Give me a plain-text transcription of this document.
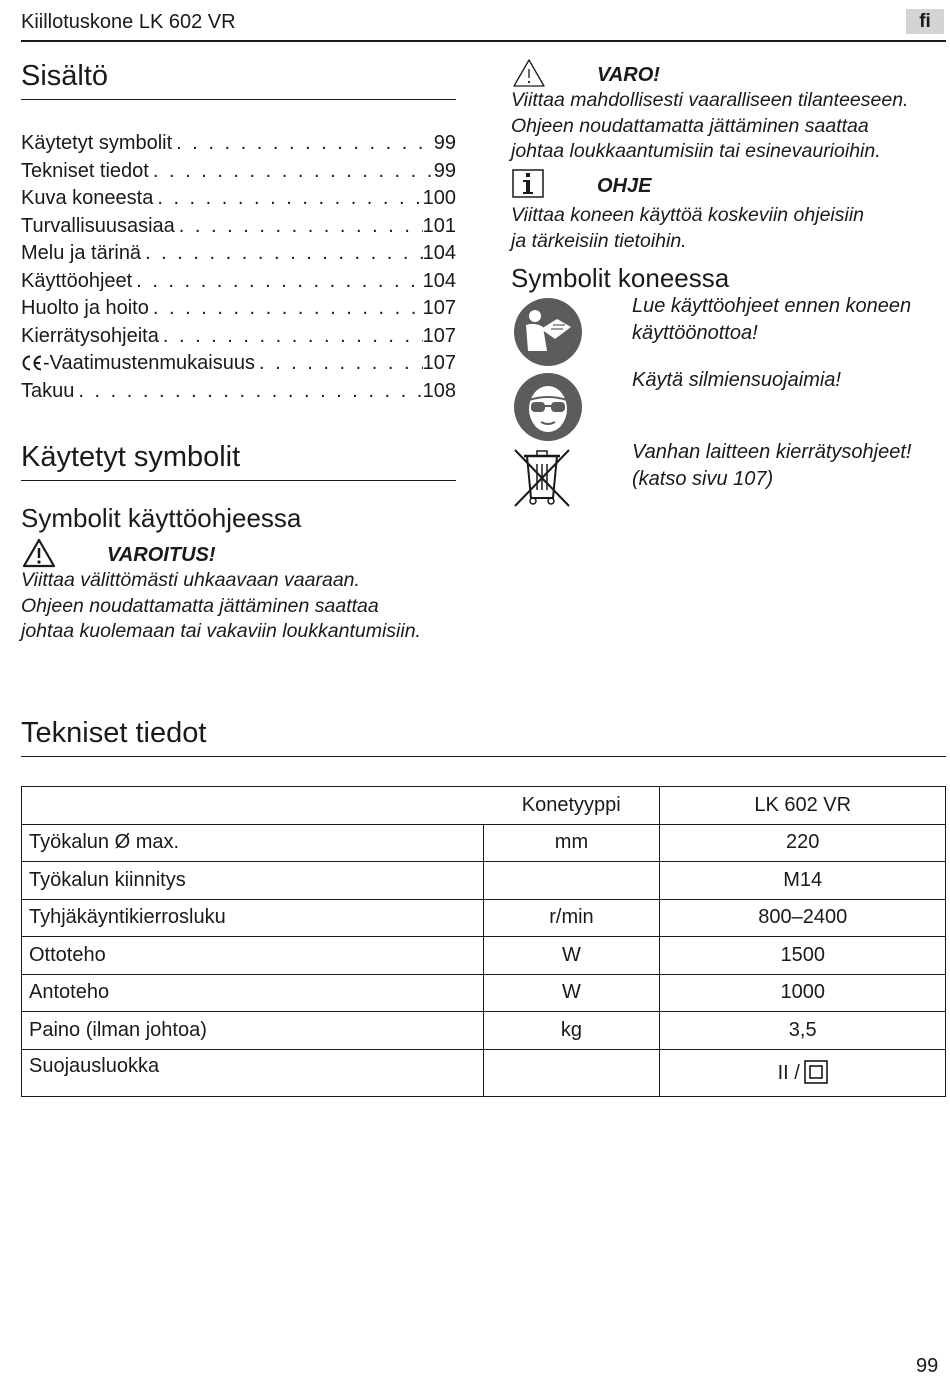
Kiillotuskone LK 602 VR	fi
Sisältö
Käytetyt symbolit . . .	99
Tekniset tiedot . . .	99
Kuva koneesta . . .	100
Turvallisuusasiaa . . .	101
Melu ja tärinä . . .	104
Käyttöohjeet . . .	104
Huolto ja hoito . . .	107
Kierrätysohjeita . . .	107
-Vaatimustenmukaisuus . . .	107
Takuu . . .	108
Käytetyt symbolit
Symbolit käyttöohjeessa
VAROITUS!
Viittaa välittömästi uhkaavaan vaaraan.
Ohjeen noudattamatta jättäminen saattaa
johtaa kuolemaan tai vakaviin loukkantumisiin.
VARO!
Viittaa mahdollisesti vaaralliseen tilanteeseen.
Ohjeen noudattamatta jättäminen saattaa
johtaa loukkaantumisiin tai esinevaurioihin.
OHJE
Viittaa koneen käyttöä koskeviin ohjeisiin
ja tärkeisiin tietoihin.
Symbolit koneessa
Lue käyttöohjeet ennen koneen
käyttöönottoa!
Käytä silmiensuojaimia!
Vanhan laitteen kierrätysohjeet!
(katso sivu 107)
Tekniset tiedot
	Konetyyppi	LK 602 VR
Työkalun Ø max.	mm	220
Työkalun kiinnitys		M14
Tyhjäkäyntikierrosluku	r/min	800–2400
Ottoteho	W	1500
Antoteho	W	1000
Paino (ilman johtoa)	kg	3,5
Suojausluokka		II /
99
